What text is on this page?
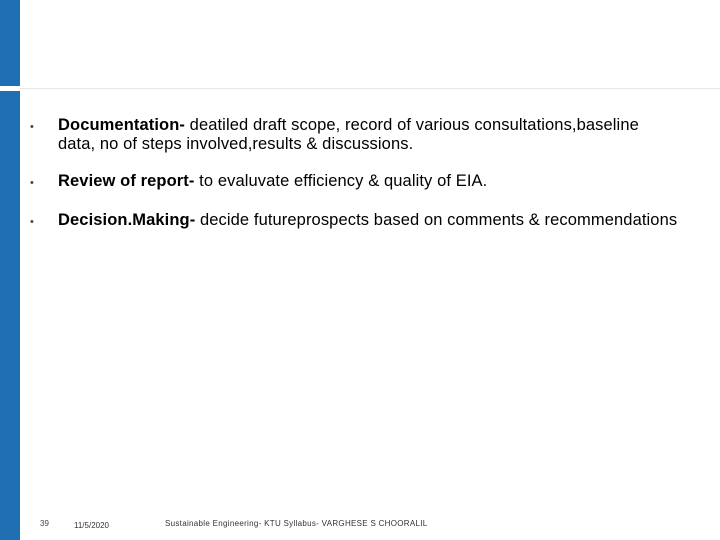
•	Documentation- deatiled draft scope, record of various consultations,baseline data, no of steps involved,results & discussions.
•	Review of report- to evaluvate efficiency & quality of EIA.
•	Decision.Making- decide futureprospects based on comments & recommendations
39	11/5/2020	Sustainable Engineering- KTU Syllabus- VARGHESE S CHOORALIL
